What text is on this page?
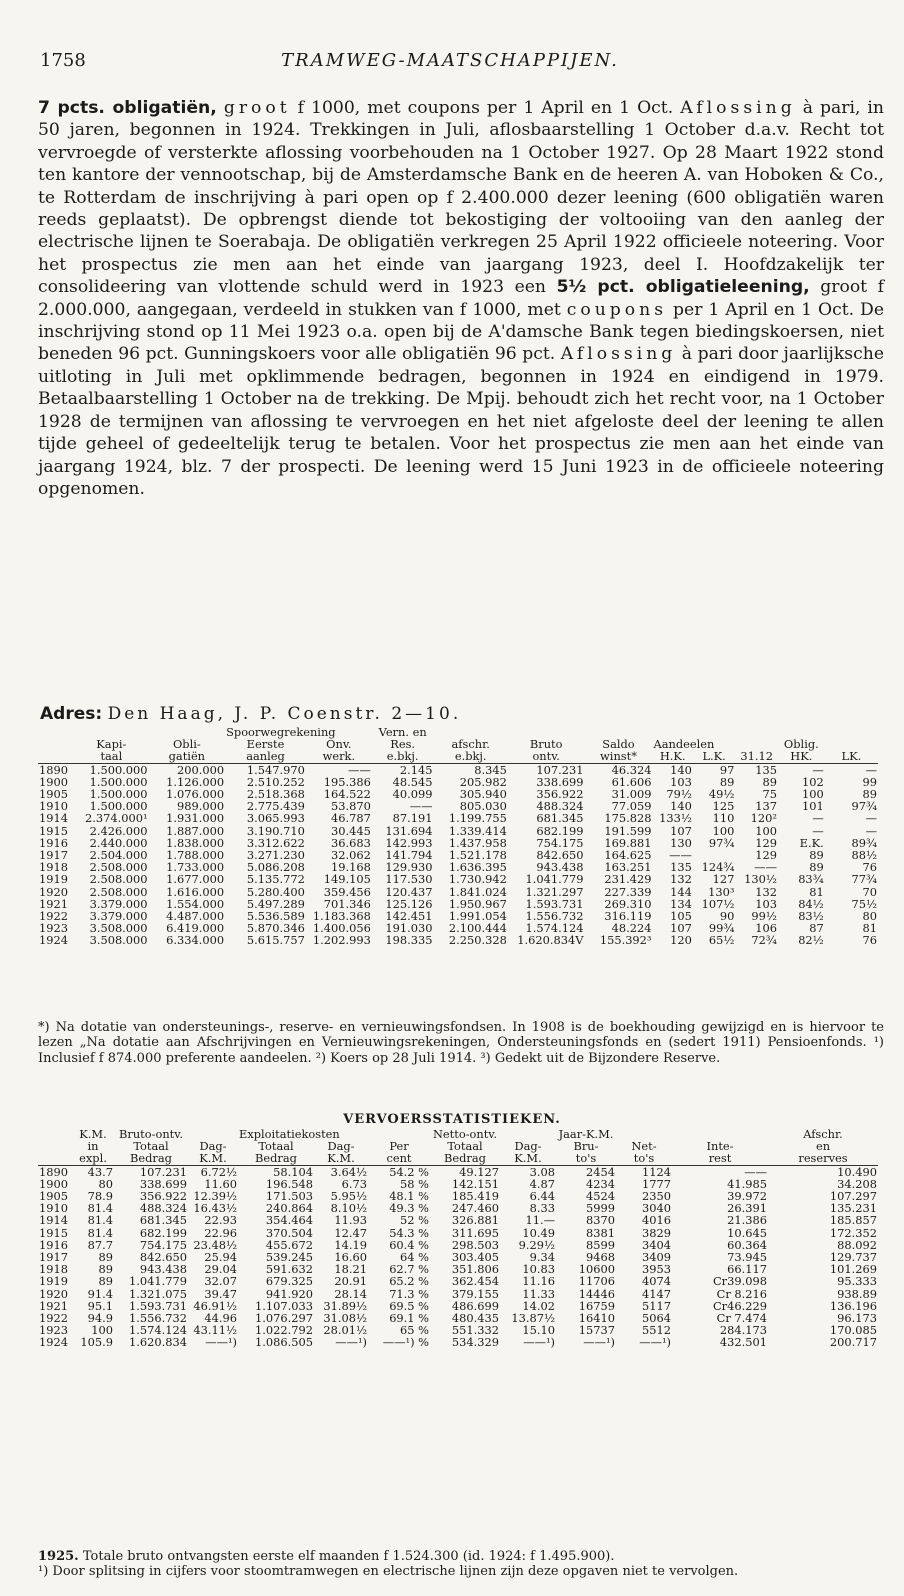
1758	TRAMWEG-MAATSCHAPPIJEN.

7 pcts. obligatiën, groot f 1000, met coupons per 1 April en 1 Oct. Aflossing à pari, in 50 jaren, begonnen in 1924. Trekkingen in Juli, aflosbaarstelling 1 October d.a.v. Recht tot vervroegde of versterkte aflossing voorbehouden na 1 October 1927. Op 28 Maart 1922 stond ten kantore der vennootschap, bij de Amsterdamsche Bank en de heeren A. van Hoboken & Co., te Rotterdam de inschrijving à pari open op f 2.400.000 dezer leening (600 obligatiën waren reeds geplaatst). De opbrengst diende tot bekostiging der voltooiing van den aanleg der electrische lijnen te Soerabaja. De obligatiën verkregen 25 April 1922 officieele noteering. Voor het prospectus zie men aan het einde van jaargang 1923, deel I. Hoofdzakelijk ter consolideering van vlottende schuld werd in 1923 een 5½ pct. obligatieleening, groot f 2.000.000, aangegaan, verdeeld in stukken van f 1000, met coupons per 1 April en 1 Oct. De inschrijving stond op 11 Mei 1923 o.a. open bij de A'damsche Bank tegen biedingskoersen, niet beneden 96 pct. Gunningskoers voor alle obligatiën 96 pct. Aflossing à pari door jaarlijksche uitloting in Juli met opklimmende bedragen, begonnen in 1924 en eindigend in 1979. Betaalbaarstelling 1 October na de trekking. De Mpij. behoudt zich het recht voor, na 1 October 1928 de termijnen van aflossing te vervroegen en het niet afgeloste deel der leening te allen tijde geheel of gedeeltelijk terug te betalen. Voor het prospectus zie men aan het einde van jaargang 1924, blz. 7 der prospecti. De leening werd 15 Juni 1923 in de officieele noteering opgenomen.

Adres: Den Haag, J. P. Coenstr. 2—10.
			Spoorwegrekening		Vern. en								
	Kapi-	Obli-	Eerste	Onv.	Res.	afschr.	Bruto	Saldo	Aandeelen			Oblig.	
	taal	gatiën	aanleg	werk.	e.bkj.	e.bkj.	ontv.	winst*	H.K.	L.K.	31.12	HK.	LK.
1890	1.500.000	200.000	1.547.970	——	2.145	8.345	107.231	46.324	140	97	135	—	—
1900	1.500.000	1.126.000	2.510.252	195.386	48.545	205.982	338.699	61.606	103	89	89	102	99
1905	1.500.000	1.076.000	2.518.368	164.522	40.099	305.940	356.922	31.009	79½	49½	75	100	89
1910	1.500.000	989.000	2.775.439	53.870	——	805.030	488.324	77.059	140	125	137	101	97¾
1914	2.374.000¹	1.931.000	3.065.993	46.787	87.191	1.199.755	681.345	175.828	133½	110	120²	—	—
1915	2.426.000	1.887.000	3.190.710	30.445	131.694	1.339.414	682.199	191.599	107	100	100	—	—
1916	2.440.000	1.838.000	3.312.622	36.683	142.993	1.437.958	754.175	169.881	130	97¾	129	E.K.	89¾
1917	2.504.000	1.788.000	3.271.230	32.062	141.794	1.521.178	842.650	164.625	——		129	89	88½
1918	2.508.000	1.733.000	5.086.208	19.168	129.930	1.636.395	943.438	163.251	135	124¾	——	89	76
1919	2.508.000	1.677.000	5.135.772	149.105	117.530	1.730.942	1.041.779	231.429	132	127	130½	83¾	77¾
1920	2.508.000	1.616.000	5.280.400	359.456	120.437	1.841.024	1.321.297	227.339	144	130³	132	81	70
1921	3.379.000	1.554.000	5.497.289	701.346	125.126	1.950.967	1.593.731	269.310	134	107½	103	84½	75½
1922	3.379.000	4.487.000	5.536.589	1.183.368	142.451	1.991.054	1.556.732	316.119	105	90	99½	83½	80
1923	3.508.000	6.419.000	5.870.346	1.400.056	191.030	2.100.444	1.574.124	48.224	107	99¾	106	87	81
1924	3.508.000	6.334.000	5.615.757	1.202.993	198.335	2.250.328	1.620.834V	155.392³	120	65½	72¾	82½	76

*) Na dotatie van ondersteunings-, reserve- en vernieuwingsfondsen. In 1908 is de boekhouding gewijzigd en is hiervoor te lezen „Na dotatie aan Afschrijvingen en Vernieuwingsrekeningen, Ondersteuningsfonds en (sedert 1911) Pensioenfonds. ¹) Inclusief f 874.000 preferente aandeelen. ²) Koers op 28 Juli 1914. ³) Gedekt uit de Bijzondere Reserve.

VERVOERSSTATISTIEKEN.
	K.M.	Bruto-ontv.		Exploitatiekosten			Netto-ontv.		Jaar-K.M.			Afschr.
	in	Totaal	Dag-	Totaal	Dag-	Per	Totaal	Dag-	Bru-	Net-	Inte-	en
	expl.	Bedrag	K.M.	Bedrag	K.M.	cent	Bedrag	K.M.	to's	to's	rest	reserves
1890	43.7	107.231	6.72½	58.104	3.64½	54.2 %	49.127	3.08	2454	1124	——	10.490
1900	80	338.699	11.60	196.548	6.73	58 %	142.151	4.87	4234	1777	41.985	34.208
1905	78.9	356.922	12.39½	171.503	5.95½	48.1 %	185.419	6.44	4524	2350	39.972	107.297
1910	81.4	488.324	16.43½	240.864	8.10½	49.3 %	247.460	8.33	5999	3040	26.391	135.231
1914	81.4	681.345	22.93	354.464	11.93	52 %	326.881	11.—	8370	4016	21.386	185.857
1915	81.4	682.199	22.96	370.504	12.47	54.3 %	311.695	10.49	8381	3829	10.645	172.352
1916	87.7	754.175	23.48½	455.672	14.19	60.4 %	298.503	9.29½	8599	3404	60.364	88.092
1917	89	842.650	25.94	539.245	16.60	64 %	303.405	9.34	9468	3409	73.945	129.737
1918	89	943.438	29.04	591.632	18.21	62.7 %	351.806	10.83	10600	3953	66.117	101.269
1919	89	1.041.779	32.07	679.325	20.91	65.2 %	362.454	11.16	11706	4074	Cr39.098	95.333
1920	91.4	1.321.075	39.47	941.920	28.14	71.3 %	379.155	11.33	14446	4147	Cr 8.216	938.89
1921	95.1	1.593.731	46.91½	1.107.033	31.89½	69.5 %	486.699	14.02	16759	5117	Cr46.229	136.196
1922	94.9	1.556.732	44.96	1.076.297	31.08½	69.1 %	480.435	13.87½	16410	5064	Cr 7.474	96.173
1923	100	1.574.124	43.11½	1.022.792	28.01½	65 %	551.332	15.10	15737	5512	284.173	170.085
1924	105.9	1.620.834	——¹)	1.086.505	——¹)	——¹) %	534.329	——¹)	——¹)	——¹)	432.501	200.717

1925. Totale bruto ontvangsten eerste elf maanden f 1.524.300 (id. 1924: f 1.495.900).

¹) Door splitsing in cijfers voor stoomtramwegen en electrische lijnen zijn deze opgaven niet te vervolgen.
